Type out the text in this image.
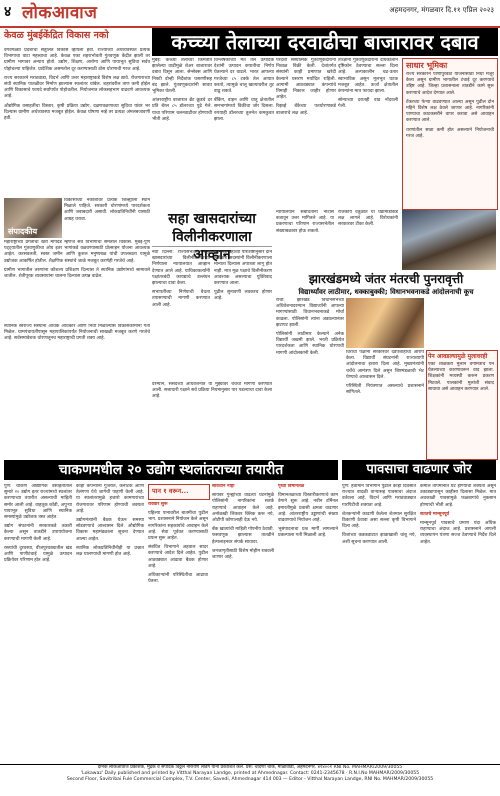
४ लोकआवाज	अहमदनगर, मंगळवार दि.११ एप्रिल २०२३
केवळ मुंबईकेंद्रित विकास नको

वेगवेगळ्या प्रदेशांचा संतुलित विकास व्हायला हवा. राज्याच्या अर्थव्यवस्थेत प्रत्येक विभागाचा वाटा महत्त्वाचा आहे. केवळ एका शहराभोवती गुंतवणूक केंद्रीत झाली तर ग्रामीण भागावर अन्याय होतो. उद्योग, शिक्षण, आरोग्य आणि पायाभूत सुविधा सर्वत्र पोहोचल्या पाहिजेत. प्रादेशिक असमतोल दूर करण्यासाठी ठोस धोरणाची गरज आहे.

राज्य सरकारने मराठवाडा, विदर्भ आणि उत्तर महाराष्ट्राकडे विशेष लक्ष द्यावे. रोजगाराच्या संधी स्थानिक पातळीवर निर्माण झाल्यास स्थलांतर थांबेल. शहरांवरील ताण कमी होईल आणि विकासाचे फायदे सर्वांपर्यंत पोहोचतील. नियोजनात लोकसहभाग वाढवणे आवश्यक आहे.

औद्योगिक वसाहतींचा विस्तार, कृषी प्रक्रिया उद्योग, दळणवळणाच्या सुविधा यांवर भर दिल्यास ग्रामीण अर्थव्यवस्था मजबूत होईल. केवळ घोषणा नव्हे तर प्रत्यक्ष अंमलबजावणी हवी.

संपादकीय

विकासाच्या नकाशावर प्रत्येक जिल्ह्याला स्थान मिळाले पाहिजे. सरकारी धोरणांमध्ये पारदर्शकता आणि जबाबदारी असावी. लोकप्रतिनिधींनी यासाठी आग्रह धरावा.

महाराष्ट्राच्या प्रगतीचा खरा मापदंड म्हणजे सर्व विभागांचा समतोल विकास. मुंबई-पुणे पट्ट्यातील गुंतवणुकीचा ओघ इतर भागांकडे वळवण्यासाठी प्रोत्साहन योजना आवश्यक आहेत. करसवलती, स्वस्त जमीन आणि कुशल मनुष्यबळ यांची उपलब्धता यामुळे उद्योजक आकर्षित होतील. शैक्षणिक संस्थांचे जाळे मजबूत करणेही गरजेचे आहे.

ग्रामीण भागातील तरुणांना कौशल्य प्रशिक्षण दिल्यास ते स्थानिक उद्योगांमध्ये सामावले जातील. शेतीपूरक व्यवसायांना चालना दिल्यास उत्पन्न वाढेल.

कच्च्या तेलाच्या दरवाढीचा बाजारावर दबाव

मुंबई: कच्च्या तेलाच्या किमतीत झालेल्या वाढीमुळे शेअर बाजारावर दबाव दिसून आला. सेन्सेक्स आणि निफ्टी दोन्ही निर्देशांक घसरणीसह बंद झाले. गुंतवणूकदारांनी सावध भूमिका घेतली.

आंतरराष्ट्रीय बाजारात ब्रेंट क्रूडचे दर प्रति बॅरल ८५ डॉलरच्या पुढे गेले. याचा परिणाम चलनवाढीवर होण्याची भीती आहे.

विश्लेषकांच्या मते तेल उत्पादक देशांनी उत्पादन कपातीचा निर्णय घेतल्याने दर वाढले. भारत आपल्या गरजेच्या ८५ टक्के तेल आयात करतो, त्यामुळे चालू खात्यावरील तूट वाढू शकते.

बँकिंग, वाहन आणि धातू क्षेत्रातील समभागांमध्ये विक्रीचा जोर दिसला. रुपयाही डॉलरच्या तुलनेत कमकुवत झाला.

परदेशी संस्थात्मक गुंतवणूकदारांनी निव्वळ विक्री केली. देशांतर्गत संस्थांनी काही प्रमाणात खरेदी केल्याने घसरण मर्यादित राहिली. आगामी आठवड्यात कंपन्यांचे तिमाही निकाल जाहीर होणार आहेत.

रिझर्व्ह बँकेच्या पतधोरणाकडे बाजाराचे लक्ष आहे.

तज्ज्ञांनी गुंतवणूकदारांना दीर्घकालीन दृष्टिकोन ठेवण्याचा सल्ला दिला आहे. अल्पकालीन चढ-उतार स्वाभाविक असून मूलभूत घटक मजबूत आहेत. ऊर्जा क्षेत्रातील कंपन्यांना मात्र फायदा झाला.

सोन्याच्या दरातही वाढ नोंदवली गेली.

साधार भूमिका

राज्य सरकारने पाणीपुरवठा योजनांसाठी निधी मंजूर केला असून ग्रामीण भागातील टंचाई दूर करण्याचे उद्दिष्ट आहे. जिल्हा प्रशासनाला तातडीने कामे सुरू करण्याचे आदेश देण्यात आले.

टँकरच्या फेऱ्या वाढवण्यात आल्या असून पुढील दोन महिने विशेष लक्ष ठेवले जाणार आहे. नागरिकांनी पाण्याचा काटकसरीने वापर करावा असे आवाहन करण्यात आले.

धरणांतील साठा कमी होत असल्याने नियोजनाची गरज आहे.

सहा खासदारांच्या विलीनीकरणाला आव्हान

नवी दिल्ली: राज्यसभेतील सहा खासदारांच्या विलीनीकरणाच्या निर्णयाला न्यायालयात आव्हान देण्यात आले आहे. याचिकाकर्त्यांनी पक्षांतरबंदी कायद्याचे उल्लंघन झाल्याचा दावा केला.

सभापतींच्या निर्णयाची वैधता तपासण्याची मागणी करण्यात आली आहे.

घटनेच्या दहाव्या परिशिष्टानुसार दोन तृतीयांश सदस्यांनी विलीनीकरणाला मान्यता दिल्यास अपात्रता लागू होत नाही. मात्र मूळ पक्षाचे विलीनीकरण आवश्यक असल्याचा युक्तिवाद करण्यात आला.

पुढील सुनावणी लवकरच होणार आहे.

न्यायालयाने संबंधितांना नोटीस बजावून उत्तर मागितले आहे. या प्रकरणाचा परिणाम राज्यसभेतील संख्याबळावर होऊ शकतो.

राजकीय वर्तुळात या घडामोडींकडे लक्ष लागले आहे. विरोधकांनी सरकारवर टीका केली.

झारखंडमध्ये जंतर मंतरची पुनरावृत्ती
विद्यार्थ्यांवर लाठीमार, धक्काबुक्की; विधानभवनाकडे आंदोलनाची कूच

रांची: झारखंड विधानसभेच्या अधिवेशनादरम्यान विद्यार्थ्यांनी आपल्या मागण्यांसाठी विधानभवनाकडे मोर्चा काढला. पोलिसांनी त्यांना अडवल्यानंतर झटापट झाली.

पोलिसांनी लाठीमार केल्याने अनेक विद्यार्थी जखमी झाले. भरती प्रक्रियेत पारदर्शकता आणि स्थानिक धोरणाची मागणी आंदोलकांनी केली.	विरोधी पक्षांनी सरकारवर दडपशाहीचा आरोप केला. विद्यार्थी संघटनांनी राज्यव्यापी आंदोलनाचा इशारा दिला आहे. मुख्यमंत्र्यांनी चर्चेचे आमंत्रण दिले असून शिष्टमंडळाची भेट घेण्याचे आश्वासन दिले.

परिस्थिती नियंत्रणात असल्याचे प्रशासनाने सांगितले.

पेन आवडल्यामुळे मुलावरही

एका शाळकरी मुलाने वर्गमित्राचे पेन घेतल्याच्या कारणावरून वाद झाला. शिक्षकांनी मध्यस्थी करून प्रकरण मिटवले. पालकांनी मुलांशी संवाद साधावा असे आवाहन करण्यात आले.

स्थानिक स्वराज्य संस्थांना अधिक अधिकार आणि निधी मिळाल्यास विकासकामांना गती मिळेल. ग्रामपंचायतींपासून महापालिकांपर्यंत नियोजनाची साखळी मजबूत करणे गरजेचे आहे. सर्वसमावेशक धोरणातूनच महाराष्ट्राची प्रगती शक्य आहे.

दरम्यान, संसदेच्या अधिवेशनात या मुद्द्यावर चर्चेची मागणी करण्यात आली. सत्ताधारी पक्षाने सर्व प्रक्रिया नियमानुसार पार पडल्याचा दावा केला आहे.

चाकणमधील २० उद्योग स्थलांतराच्या तयारीत

पुणे: चाकण औद्योगिक वसाहतीतील सुमारे २० उद्योग इतर राज्यांमध्ये स्थलांतर करण्याच्या तयारीत असल्याची माहिती समोर आली आहे. वाहतूक कोंडी, अपुऱ्या पायाभूत सुविधा आणि स्थानिक समस्यांमुळे उद्योजक त्रस्त आहेत.

उद्योग संघटनांनी सरकारकडे तक्रारी केल्या असून तातडीने उपाययोजना करण्याची मागणी केली आहे.

रस्त्यांची दुरवस्था, वीजपुरवठ्यातील खंड आणि पाणीटंचाई यामुळे उत्पादन प्रक्रियेवर परिणाम होत आहे.

काही कंपन्यांनी गुजरात, कर्नाटक आणि तेलंगणा येथे जागेची पाहणी केली आहे. या स्थलांतरामुळे हजारो कामगारांच्या रोजगारावर परिणाम होण्याची शक्यता आहे.

उद्योगमंत्र्यांनी बैठक घेऊन समस्या सोडवण्याचे आश्वासन दिले. औद्योगिक विकास महामंडळाला सूचना देण्यात आल्या आहेत.

स्थानिक लोकप्रतिनिधींनीही या प्रश्नात लक्ष घालण्याची मागणी होत आहे.

पान १ वरून...

रविवार सुरू

पहिल्या पानावरील बातमीचा पुढील भाग. प्रशासनाने नियोजन केले असून नागरिकांना सहकार्याचे आवाहन केले आहे. सेवा पूर्ववत करण्यासाठी प्रयत्न सुरू आहेत.

संबंधित विभागाने अहवाल सादर करण्याचे आदेश दिले आहेत. पुढील आठवड्यात आढावा बैठक होणार आहे.

अधिकाऱ्यांनी परिस्थितीचा आढावा घेतला.

सावधान नाही

सायबर गुन्ह्यांच्या वाढत्या घटनांमुळे पोलिसांनी नागरिकांना सतर्क राहण्याचे आवाहन केले आहे. अनोळखी लिंकवर क्लिक करू नये, ओटीपी कोणालाही देऊ नये.

बँक खात्यांची माहिती गोपनीय ठेवावी. फसवणूक झाल्यास तातडीने हेल्पलाइनवर संपर्क साधावा.

जनजागृतीसाठी विशेष मोहीम राबवली जाणार आहे.

पृथ्वी विमानतळ

विमानतळाच्या विस्तारीकरणाचे काम वेगाने सुरू आहे. नवीन टर्मिनल इमारतीमुळे प्रवासी क्षमता वाढणार आहे. आंतरराष्ट्रीय उड्डाणांची संख्या वाढवण्याचे नियोजन आहे.

भूसंपादनाचा प्रश्न मार्गी लागल्याने प्रकल्पाला गती मिळाली आहे.

पावसाचा वाढणार जोर

पुणे: हवामान विभागाने पुढील काही दिवसांत राज्यात वादळी वाऱ्यासह पावसाचा अंदाज वर्तवला आहे. विदर्भ आणि मराठवाड्यात गारपिटीची शक्यता आहे.

शेतकऱ्यांनी काढणी केलेला शेतमाल सुरक्षित ठिकाणी ठेवावा असा सल्ला कृषी विभागाने दिला आहे.

विजांच्या कडकडाटात झाडाखाली थांबू नये, अशी सूचना करण्यात आली.

कमाल तापमानात घट होण्याची शक्यता असून उकाड्यापासून काहीसा दिलासा मिळेल. मात्र अवकाळी पावसामुळे फळबागांचे नुकसान होण्याची भीती आहे.

सततचे मान्सूनपूर्व

मान्सूनपूर्व पावसाचे प्रमाण यंदा अधिक राहण्याचा अंदाज आहे. प्रशासनाने आपत्ती व्यवस्थापन यंत्रणा सज्ज ठेवण्याचे निर्देश दिले आहेत.

दैनिक लोकआवाज प्रकाशक, मुद्रक व संपादक विठ्ठल नारायण लांडगे यांनी प्रकाशित केले. प्रेस: चांदणी चौक, माळीवाडा, अहमदनगर. ४१४००१ RNI No. MAHMAR/2009/30055
'Lokawaz' Daily published and printed by Vitthal Narayan Landge, printed at Ahmednagar. Contact: 0241-2345678 · R.N.I.No MAHMAR/2009/30055
Second Floor, Savitribai Fule Commercial Complex, T.V. Center, Savedi, Ahmednagar 414 003 — Editor - Vitthal Narayan Landge, RNI No. MAHMAR/2009/30055
